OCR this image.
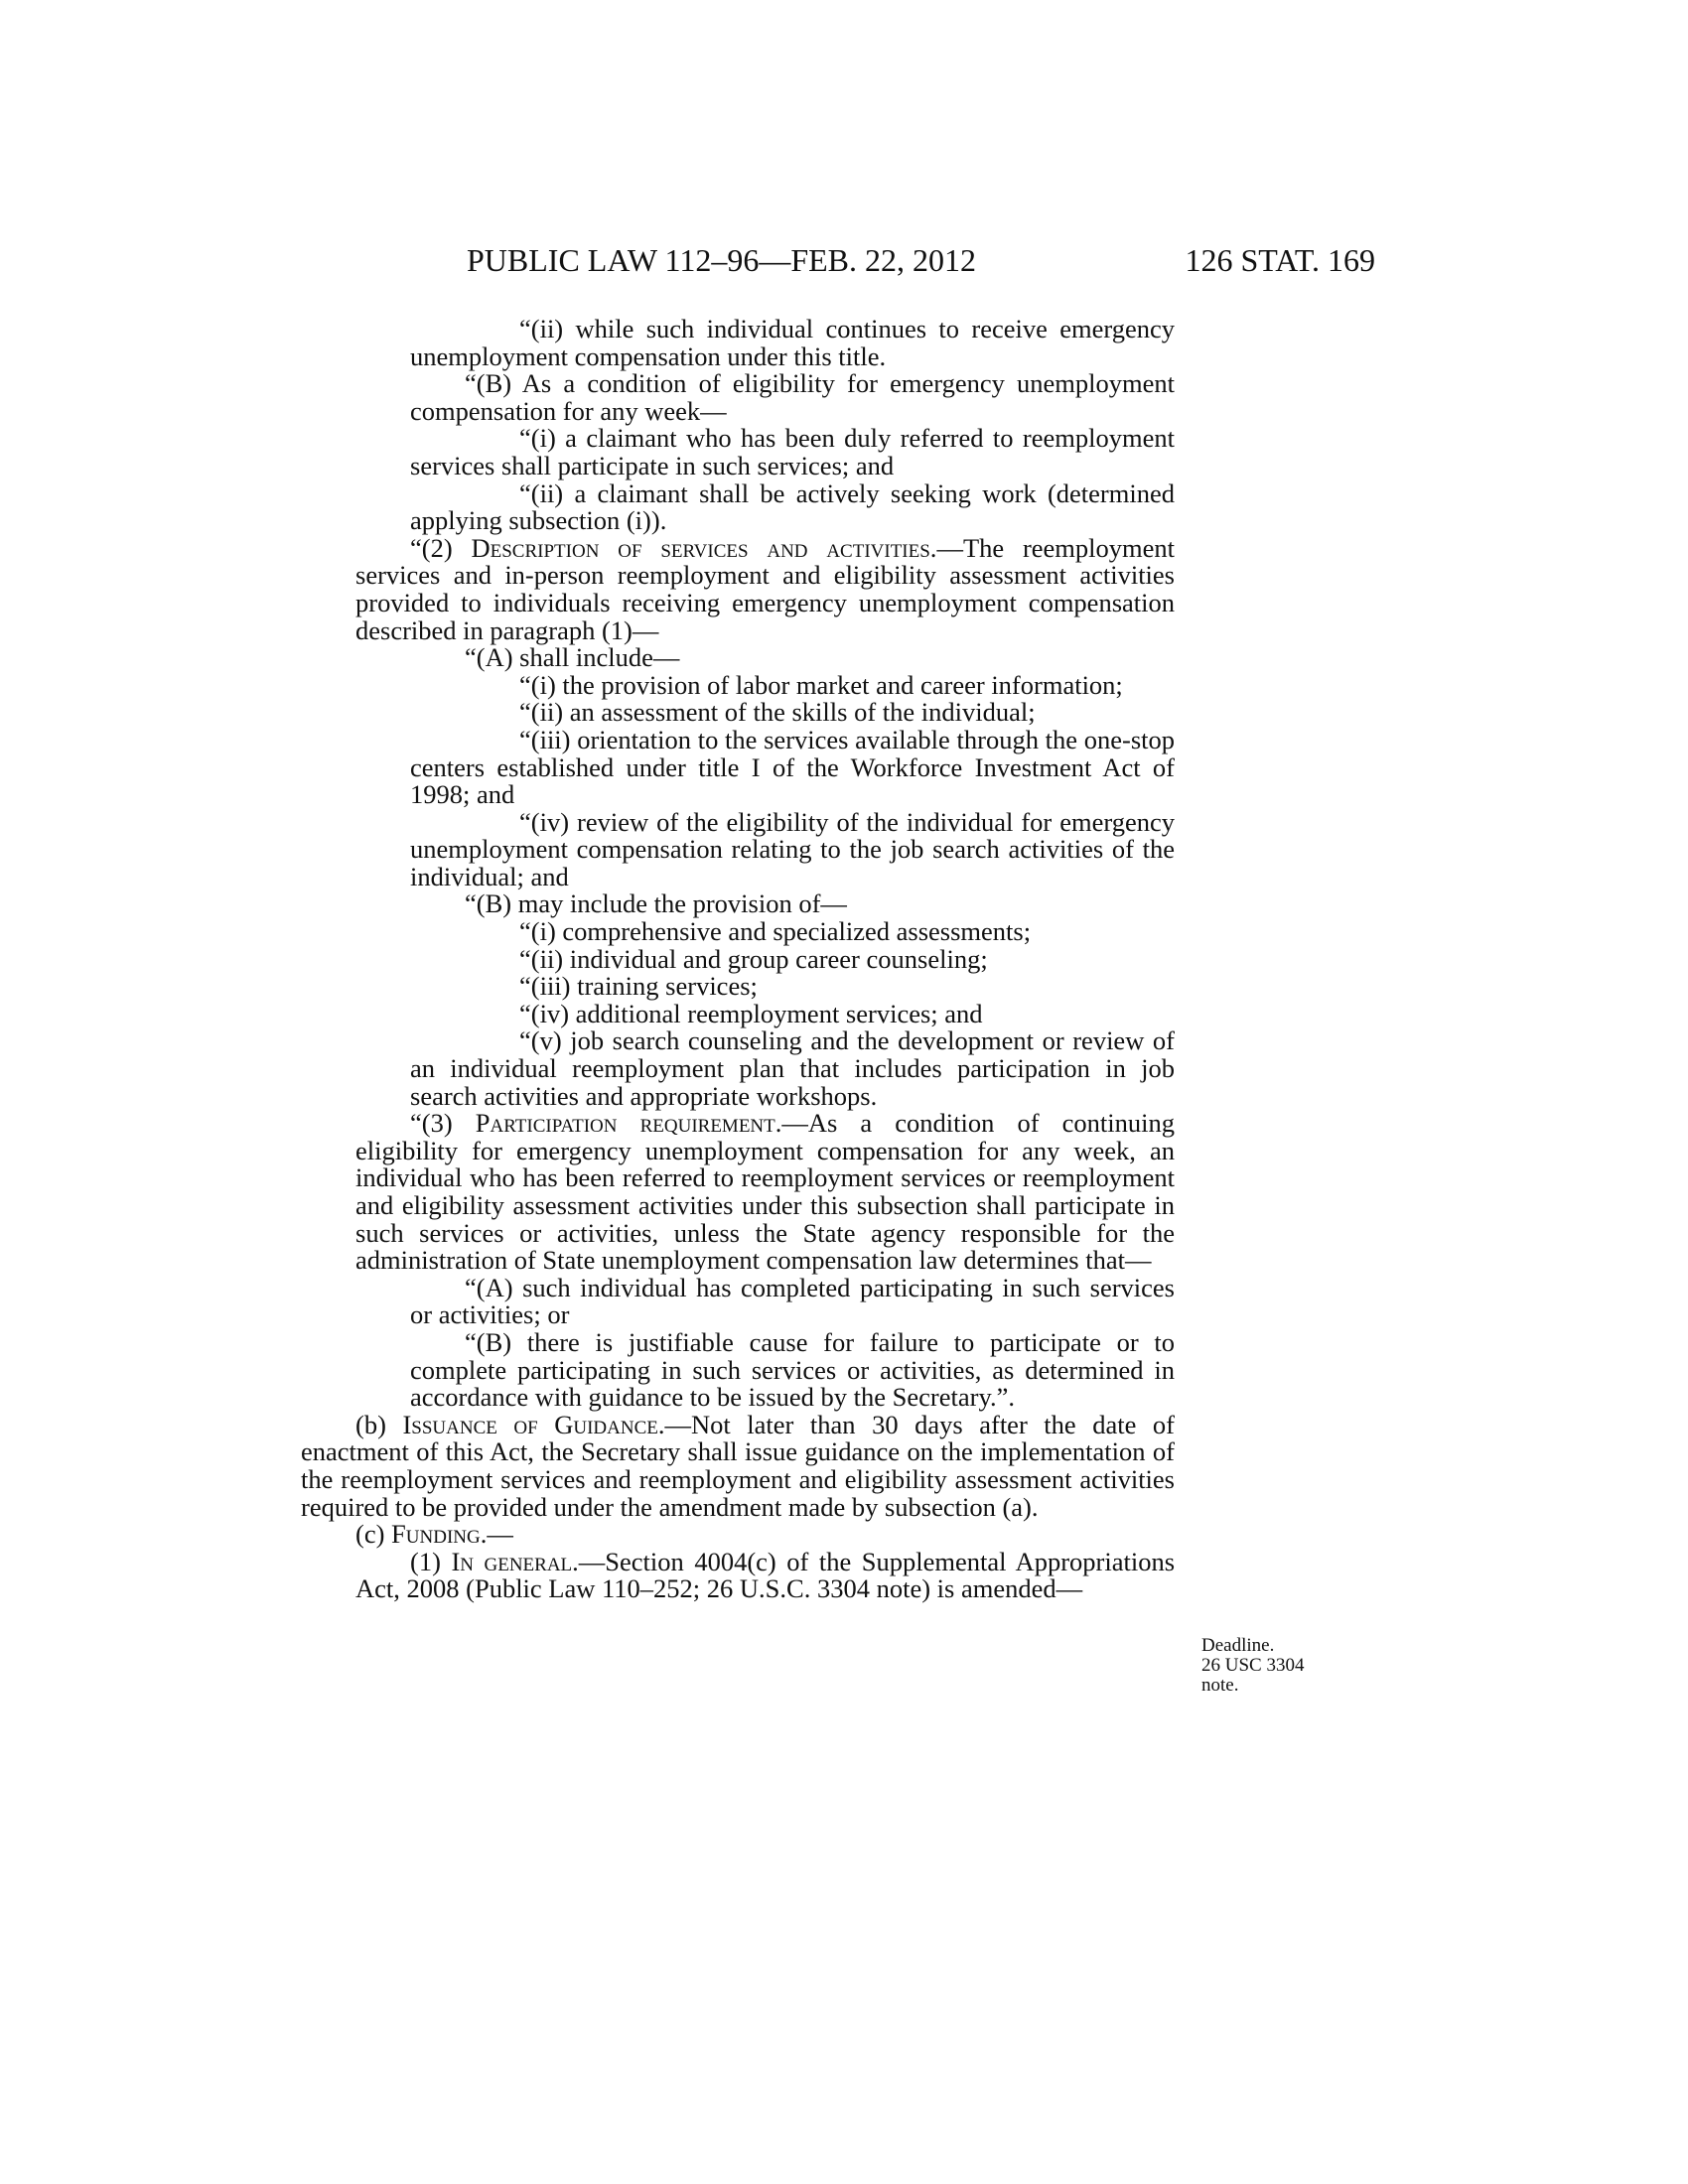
PUBLIC LAW 112–96—FEB. 22, 2012	126 STAT. 169

“(ii) while such individual continues to receive emergency unemployment compensation under this title.

“(B) As a condition of eligibility for emergency unemployment compensation for any week—

“(i) a claimant who has been duly referred to reemployment services shall participate in such services; and

“(ii) a claimant shall be actively seeking work (determined applying subsection (i)).

“(2) Description of services and activities.—The reemployment services and in-person reemployment and eligibility assessment activities provided to individuals receiving emergency unemployment compensation described in paragraph (1)—

“(A) shall include—

“(i) the provision of labor market and career information;

“(ii) an assessment of the skills of the individual;

“(iii) orientation to the services available through the one-stop centers established under title I of the Workforce Investment Act of 1998; and

“(iv) review of the eligibility of the individual for emergency unemployment compensation relating to the job search activities of the individual; and

“(B) may include the provision of—

“(i) comprehensive and specialized assessments;

“(ii) individual and group career counseling;

“(iii) training services;

“(iv) additional reemployment services; and

“(v) job search counseling and the development or review of an individual reemployment plan that includes participation in job search activities and appropriate workshops.

“(3) Participation requirement.—As a condition of continuing eligibility for emergency unemployment compensation for any week, an individual who has been referred to reemployment services or reemployment and eligibility assessment activities under this subsection shall participate in such services or activities, unless the State agency responsible for the administration of State unemployment compensation law determines that—

“(A) such individual has completed participating in such services or activities; or

“(B) there is justifiable cause for failure to participate or to complete participating in such services or activities, as determined in accordance with guidance to be issued by the Secretary.”.

(b) Issuance of Guidance.—Not later than 30 days after the date of enactment of this Act, the Secretary shall issue guidance on the implementation of the reemployment services and reemployment and eligibility assessment activities required to be provided under the amendment made by subsection (a).

(c) Funding.—

(1) In general.—Section 4004(c) of the Supplemental Appropriations Act, 2008 (Public Law 110–252; 26 U.S.C. 3304 note) is amended—

Deadline.
26 USC 3304
note.
